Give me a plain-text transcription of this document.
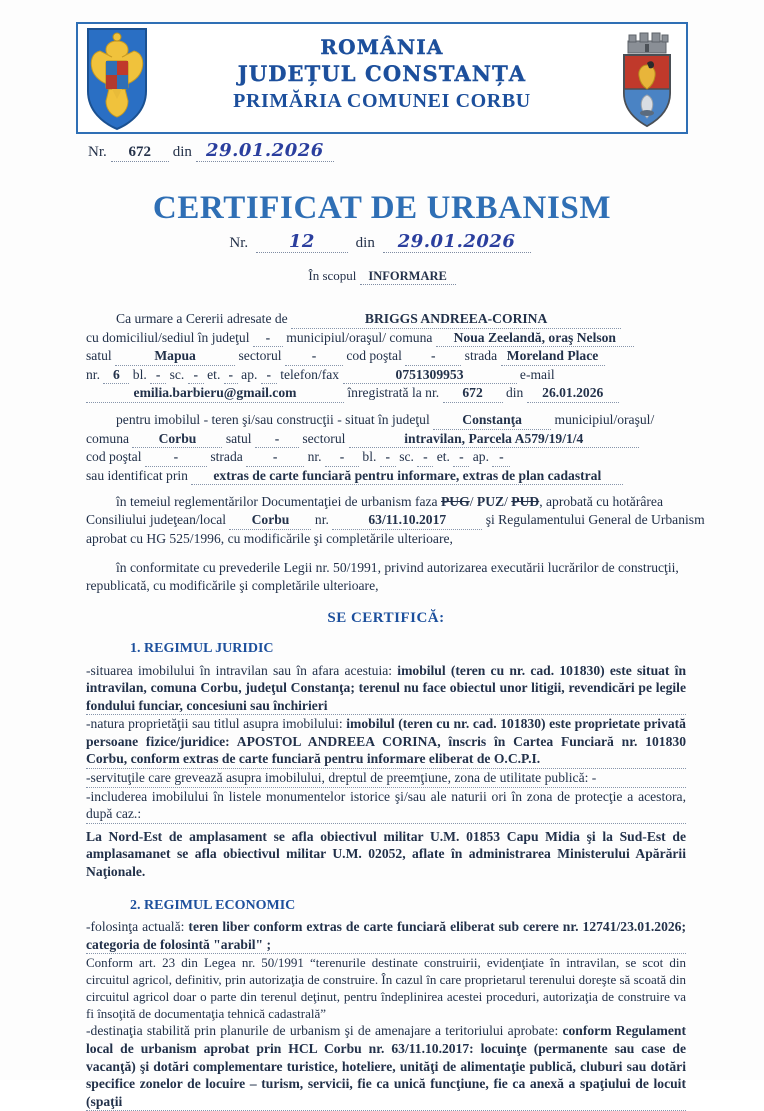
ROMÂNIA
JUDEȚUL CONSTANȚA
PRIMĂRIA COMUNEI CORBU
Nr.	672	din 29.01.2026
CERTIFICAT DE URBANISM
Nr. 12	din 29.01.2026
În scopul INFORMARE
Ca urmare a Cererii adresate de	BRIGGS ANDREEA-CORINA
cu domiciliul/sediul în judeţul - municipiul/oraşul/ comuna Noua Zeelandă, oraş Nelson
satul	Mapua	sectorul - cod poştal - strada Moreland Place
nr. 6 bl. - sc. - et. - ap. - telefon/fax	0751309953	e-mail
emilia.barbieru@gmail.com	înregistrată la nr. 672 din 26.01.2026
pentru imobilul - teren şi/sau construcţii - situat în judeţul Constanţa municipiul/oraşul/
comuna Corbu satul - sectorul	intravilan, Parcela A579/19/1/4
cod poştal - strada - nr. - bl. - sc. - et. - ap. -
sau identificat prin extras de carte funciară pentru informare, extras de plan cadastral
în temeiul reglementărilor Documentaţiei de urbanism faza PUG/ PUZ/ PUD, aprobată cu hotărârea
Consiliului judeţean/local Corbu nr.	63/11.10.2017	şi Regulamentului General de Urbanism
aprobat cu HG 525/1996, cu modificările şi completările ulterioare,
în conformitate cu prevederile Legii nr. 50/1991, privind autorizarea executării lucrărilor de construcţii,
republicată, cu modificările şi completările ulterioare,
SE CERTIFICĂ:
1. REGIMUL JURIDIC
-situarea imobilului în intravilan sau în afara acestuia: imobilul (teren cu nr. cad. 101830) este situat în intravilan, comuna Corbu, judeţul Constanţa; terenul nu face obiectul unor litigii, revendicări pe legile fondului funciar, concesiuni sau închirieri
-natura proprietăţii sau titlul asupra imobilului: imobilul (teren cu nr. cad. 101830) este proprietate privată persoane fizice/juridice: APOSTOL ANDREEA CORINA, înscris în Cartea Funciară nr. 101830 Corbu, conform extras de carte funciară pentru informare eliberat de O.C.P.I.
-servituţile care grevează asupra imobilului, dreptul de preemţiune, zona de utilitate publică: -
-includerea imobilului în listele monumentelor istorice şi/sau ale naturii ori în zona de protecţie a acestora, după caz.:
La Nord-Est de amplasament se afla obiectivul militar U.M. 01853 Capu Midia şi la Sud-Est de amplasamanet se afla obiectivul militar U.M. 02052, aflate în administrarea Ministerului Apărării Naţionale.
2. REGIMUL ECONOMIC
-folosinţa actuală: teren liber conform extras de carte funciară eliberat sub cerere nr. 12741/23.01.2026; categoria de folosintă "arabil" ;
Conform art. 23 din Legea nr. 50/1991 “terenurile destinate construirii, evidenţiate în intravilan, se scot din circuitul agricol, definitiv, prin autorizaţia de construire. În cazul în care proprietarul terenului doreşte să scoată din circuitul agricol doar o parte din terenul deţinut, pentru îndeplinirea acestei proceduri, autorizaţia de construire va fi însoţită de documentaţia tehnică cadastrală”
-destinaţia stabilită prin planurile de urbanism şi de amenajare a teritoriului aprobate: conform Regulament local de urbanism aprobat prin HCL Corbu nr. 63/11.10.2017: locuinţe (permanente sau case de vacanţă) şi dotări complementare turistice, hoteliere, unităţi de alimentaţie publică, cluburi sau dotări specifice zonelor de locuire – turism, servicii, fie ca unică funcţiune, fie ca anexă a spaţiului de locuit (spaţii
